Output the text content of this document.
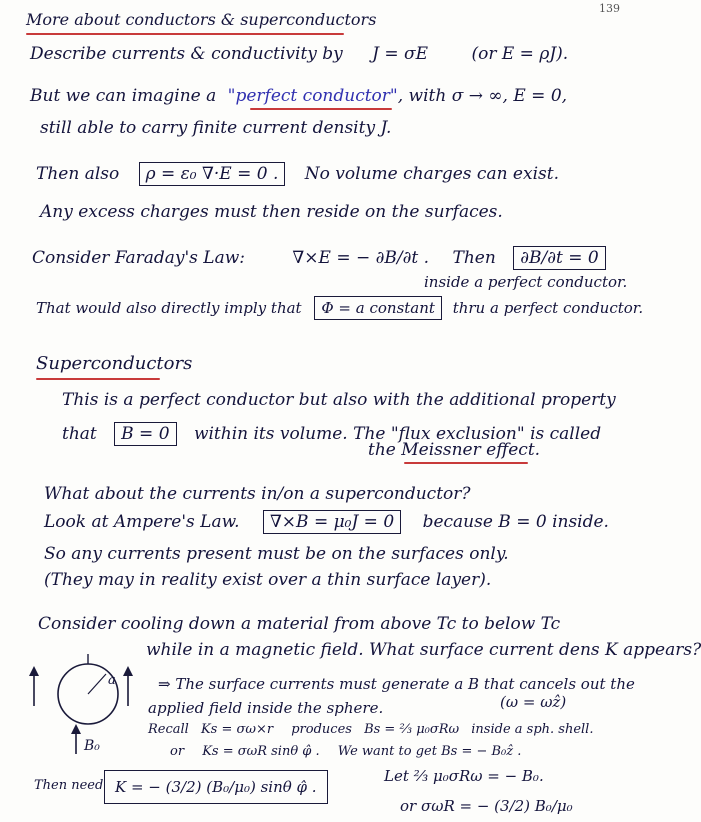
139
More about conductors & superconductors
Describe currents & conductivity by J = σE	(or E = ρJ).
But we can imagine a "perfect conductor", with σ → ∞, E = 0,
still able to carry finite current density J.
Then also ρ = ε₀ ∇·E = 0 . No volume charges can exist.
Any excess charges must then reside on the surfaces.
Consider Faraday's Law:	∇×E = − ∂B/∂t . Then ∂B/∂t = 0
inside a perfect conductor.
That would also directly imply that Φ = a constant thru a perfect conductor.
Superconductors
This is a perfect conductor but also with the additional property
that B = 0 within its volume. The "flux exclusion" is called
the Meissner effect.
What about the currents in/on a superconductor?
Look at Ampere's Law. ∇×B = μ₀J = 0 because B = 0 inside.
So any currents present must be on the surfaces only.
(They may in reality exist over a thin surface layer).
Consider cooling down a material from above Tc to below Tc
while in a magnetic field. What surface current dens K appears?
a
B₀
⇒ The surface currents must generate a B that cancels out the
applied field inside the sphere.	(ω = ωẑ)
Recall Ks = σω×r produces Bs = ⅔ μ₀σRω inside a sph. shell.
or Ks = σωR sinθ φ̂ . We want to get Bs = − B₀ẑ .
Let ⅔ μ₀σRω = − B₀.
Then need K = − (3/2) (B₀/μ₀) sinθ φ̂ .
or σωR = − (3/2) B₀/μ₀
